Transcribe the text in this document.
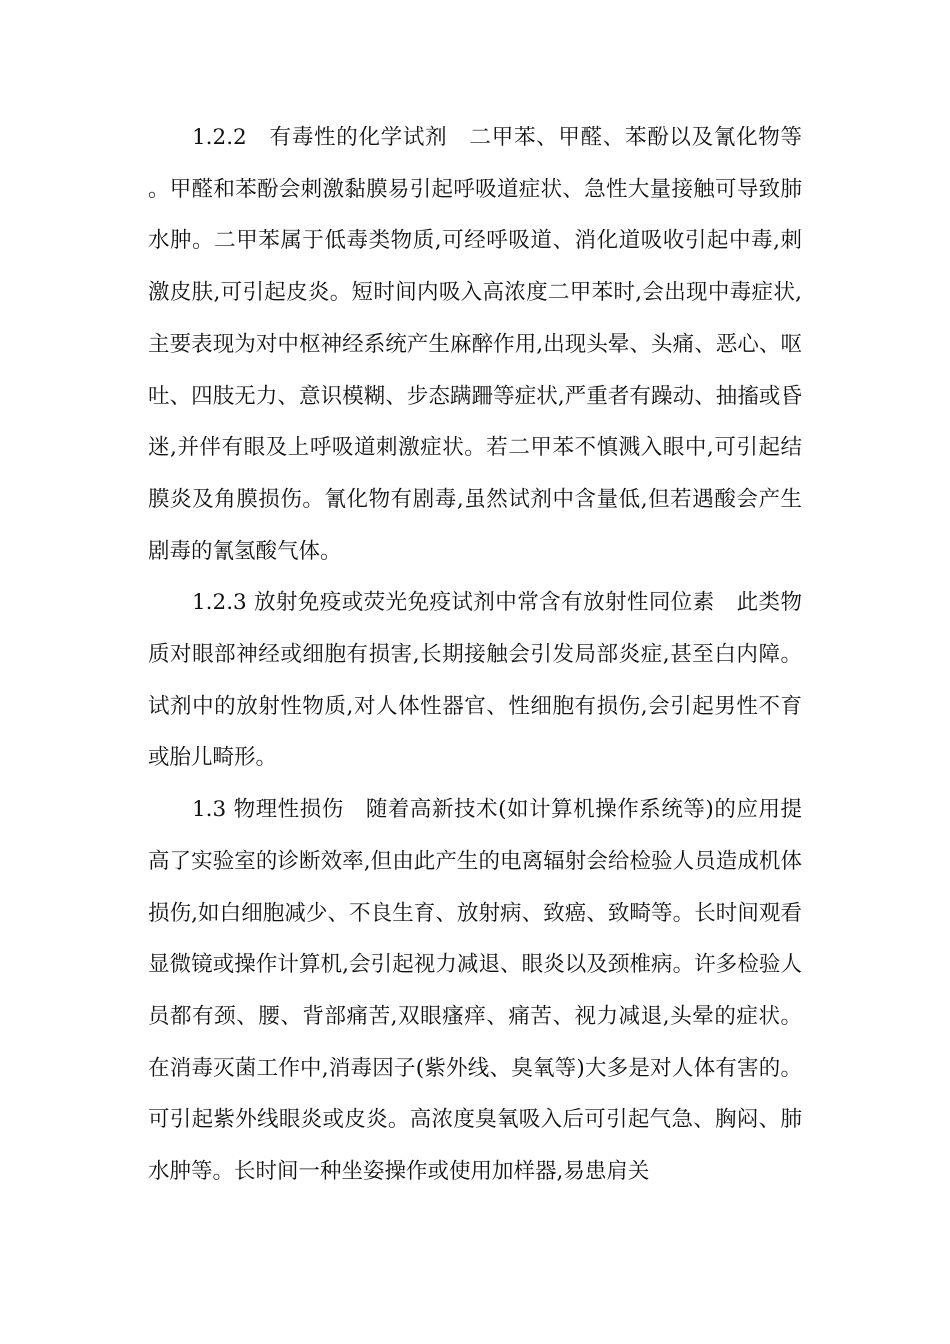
1.2.2　有毒性的化学试剂　二甲苯、甲醛、苯酚以及氰化物等。甲醛和苯酚会刺激黏膜易引起呼吸道症状、急性大量接触可导致肺水肿。二甲苯属于低毒类物质,可经呼吸道、消化道吸收引起中毒,刺激皮肤,可引起皮炎。短时间内吸入高浓度二甲苯时,会出现中毒症状,主要表现为对中枢神经系统产生麻醉作用,出现头晕、头痛、恶心、呕吐、四肢无力、意识模糊、步态蹒跚等症状,严重者有躁动、抽搐或昏迷,并伴有眼及上呼吸道刺激症状。若二甲苯不慎溅入眼中,可引起结膜炎及角膜损伤。氰化物有剧毒,虽然试剂中含量低,但若遇酸会产生剧毒的氰氢酸气体。

1.2.3 放射免疫或荧光免疫试剂中常含有放射性同位素　此类物质对眼部神经或细胞有损害,长期接触会引发局部炎症,甚至白内障。试剂中的放射性物质,对人体性器官、性细胞有损伤,会引起男性不育或胎儿畸形。

1.3 物理性损伤　随着高新技术(如计算机操作系统等)的应用提高了实验室的诊断效率,但由此产生的电离辐射会给检验人员造成机体损伤,如白细胞减少、不良生育、放射病、致癌、致畸等。长时间观看显微镜或操作计算机,会引起视力减退、眼炎以及颈椎病。许多检验人员都有颈、腰、背部痛苦,双眼瘙痒、痛苦、视力减退,头晕的症状。在消毒灭菌工作中,消毒因子(紫外线、臭氧等)大多是对人体有害的。可引起紫外线眼炎或皮炎。高浓度臭氧吸入后可引起气急、胸闷、肺水肿等。长时间一种坐姿操作或使用加样器,易患肩关
